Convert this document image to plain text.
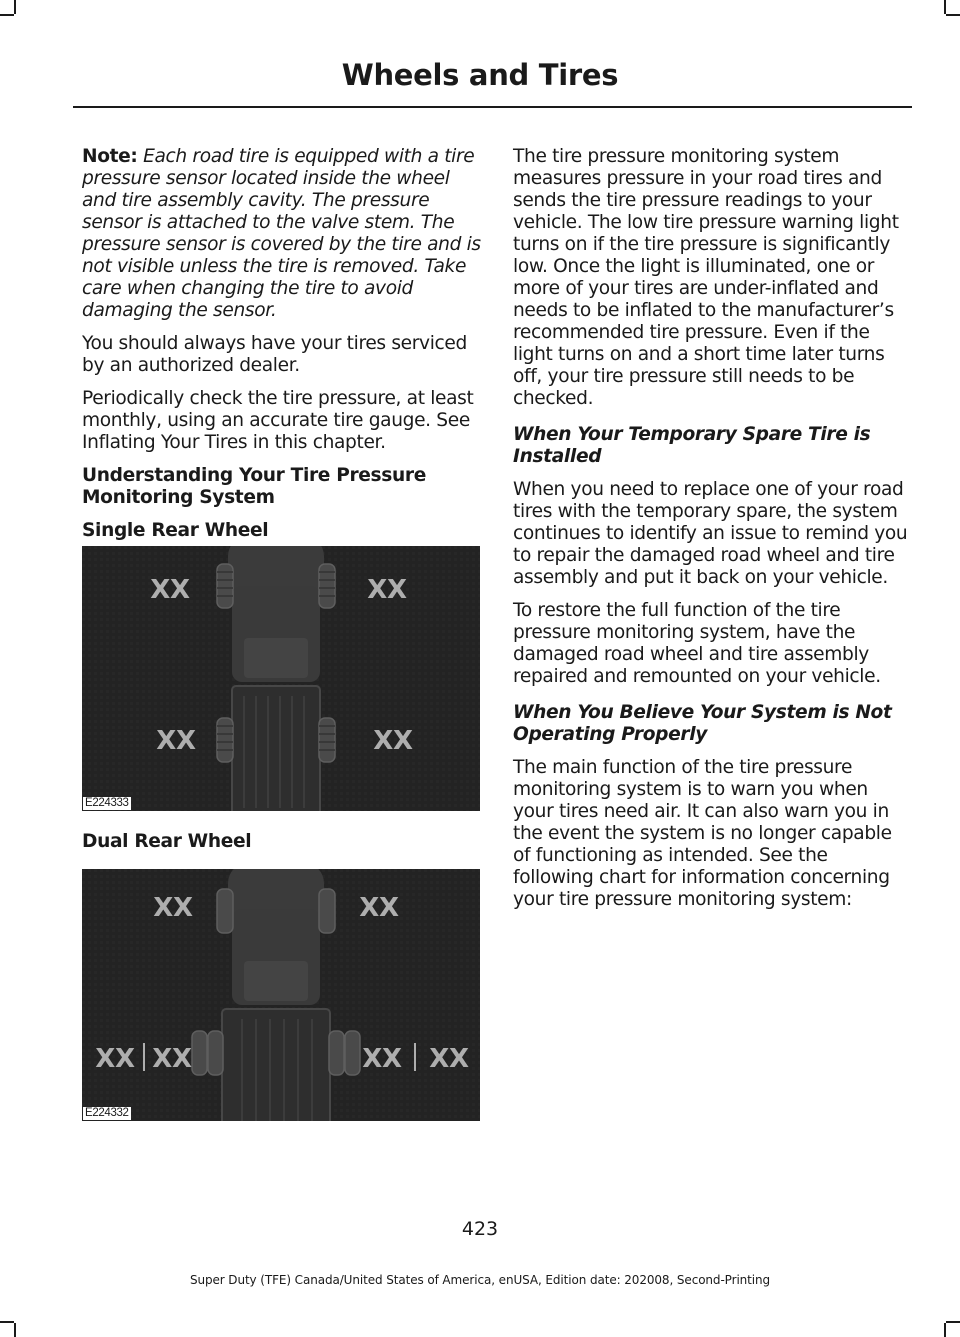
Wheels and Tires

Note: Each road tire is equipped with a tire pressure sensor located inside the wheel and tire assembly cavity. The pressure sensor is attached to the valve stem. The pressure sensor is covered by the tire and is not visible unless the tire is removed. Take care when changing the tire to avoid damaging the sensor.

You should always have your tires serviced by an authorized dealer.

Periodically check the tire pressure, at least monthly, using an accurate tire gauge. See Inflating Your Tires in this chapter.

Understanding Your Tire Pressure Monitoring System

Single Rear Wheel

XX	XX
XX	XX
E224333

Dual Rear Wheel

XX	XX
XX XX	XX XX
E224332

The tire pressure monitoring system measures pressure in your road tires and sends the tire pressure readings to your vehicle. The low tire pressure warning light turns on if the tire pressure is significantly low. Once the light is illuminated, one or more of your tires are under-inflated and needs to be inflated to the manufacturer’s recommended tire pressure. Even if the light turns on and a short time later turns off, your tire pressure still needs to be checked.

When Your Temporary Spare Tire is Installed

When you need to replace one of your road tires with the temporary spare, the system continues to identify an issue to remind you to repair the damaged road wheel and tire assembly and put it back on your vehicle.

To restore the full function of the tire pressure monitoring system, have the damaged road wheel and tire assembly repaired and remounted on your vehicle.

When You Believe Your System is Not Operating Properly

The main function of the tire pressure monitoring system is to warn you when your tires need air. It can also warn you in the event the system is no longer capable of functioning as intended. See the following chart for information concerning your tire pressure monitoring system:

423
Super Duty (TFE) Canada/United States of America, enUSA, Edition date: 202008, Second-Printing
